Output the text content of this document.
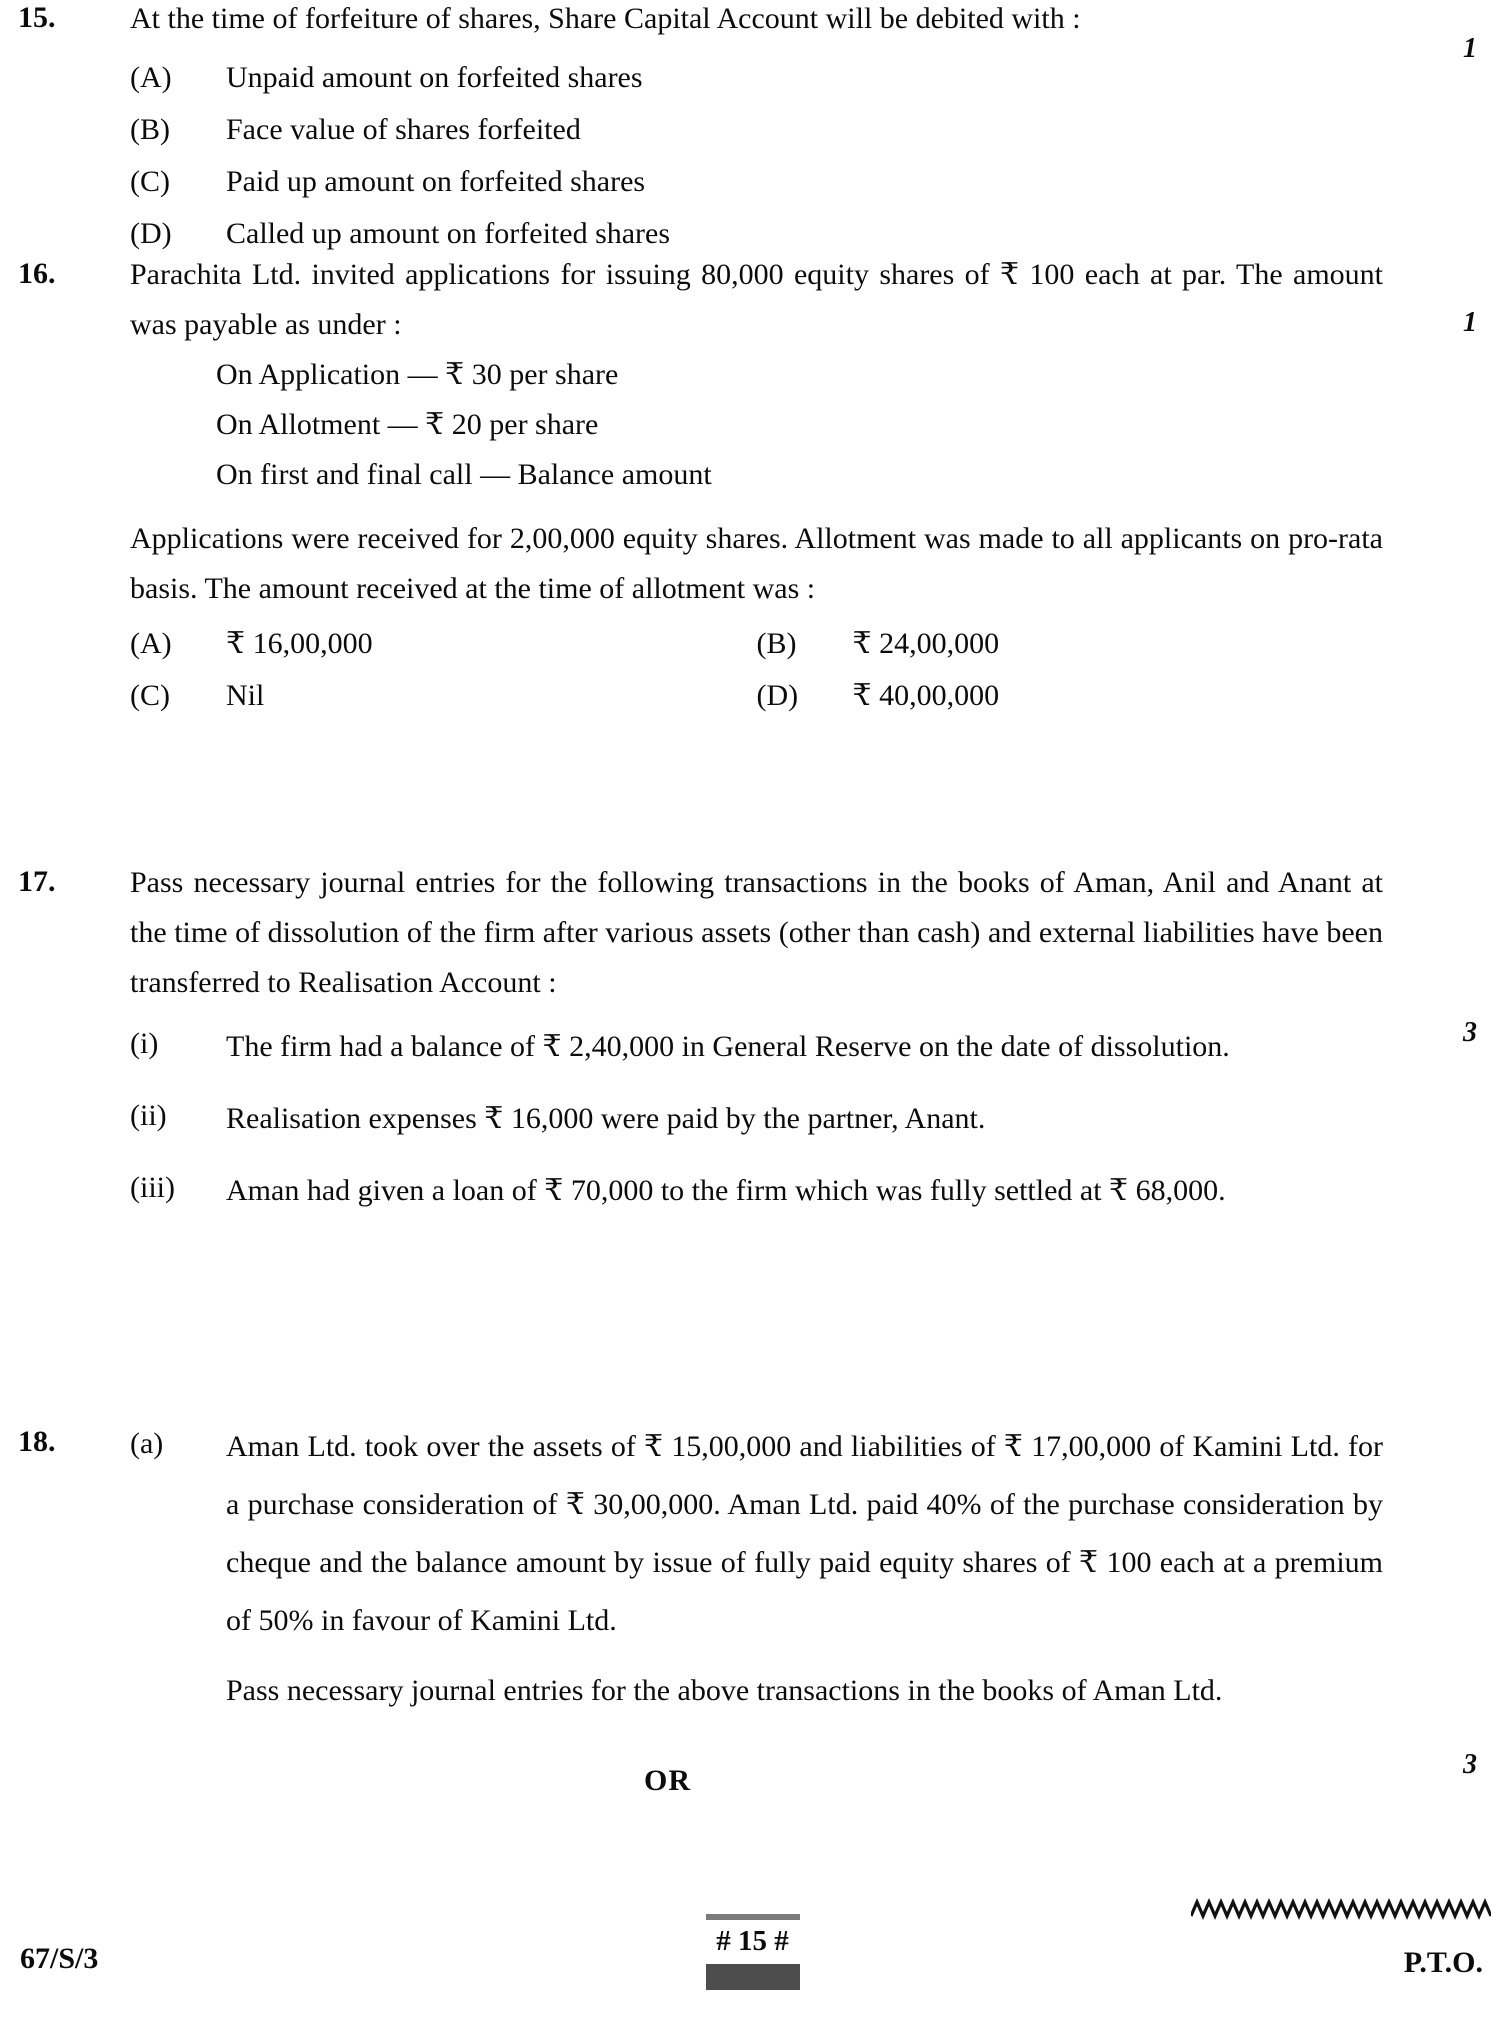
15.
1
At the time of forfeiture of shares, Share Capital Account will be debited with :
(A)	Unpaid amount on forfeited shares
(B)	Face value of shares forfeited
(C)	Paid up amount on forfeited shares
(D)	Called up amount on forfeited shares
16.
1
Parachita Ltd. invited applications for issuing 80,000 equity shares of ₹ 100 each at par. The amount was payable as under :
On Application — ₹ 30 per share
On Allotment — ₹ 20 per share
On first and final call — Balance amount
Applications were received for 2,00,000 equity shares. Allotment was made to all applicants on pro-rata basis. The amount received at the time of allotment was :
(A)	₹ 16,00,000	(B)	₹ 24,00,000
(C)	Nil	(D)	₹ 40,00,000
17.
3
Pass necessary journal entries for the following transactions in the books of Aman, Anil and Anant at the time of dissolution of the firm after various assets (other than cash) and external liabilities have been transferred to Realisation Account :
(i)	The firm had a balance of ₹ 2,40,000 in General Reserve on the date of dissolution.
(ii)	Realisation expenses ₹ 16,000 were paid by the partner, Anant.
(iii)	Aman had given a loan of ₹ 70,000 to the firm which was fully settled at ₹ 68,000.
18.
3
(a)	Aman Ltd. took over the assets of ₹ 15,00,000 and liabilities of ₹ 17,00,000 of Kamini Ltd. for a purchase consideration of ₹ 30,00,000. Aman Ltd. paid 40% of the purchase consideration by cheque and the balance amount by issue of fully paid equity shares of ₹ 100 each at a premium of 50% in favour of Kamini Ltd.
Pass necessary journal entries for the above transactions in the books of Aman Ltd.
OR
67/S/3
# 15 #
P.T.O.
